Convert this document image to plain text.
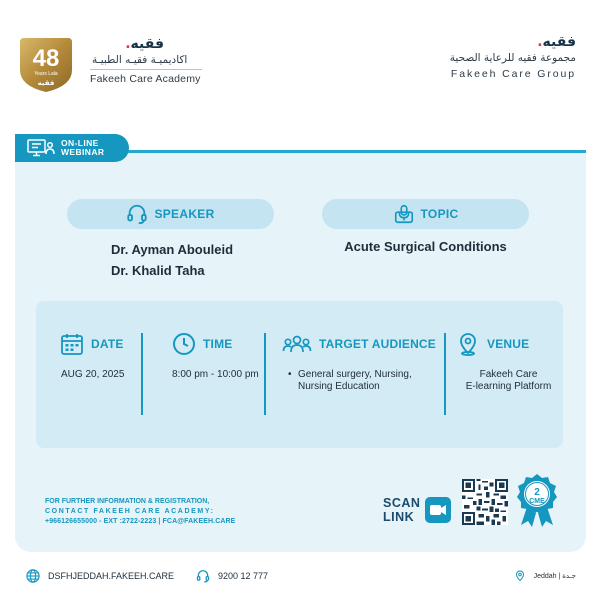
48
Years Lala
فقيه
.فقيه
اكاديميـة فقيـه الطبيـة
Fakeeh Care Academy
.فقيه
مجموعة فقيه للرعاية الصحية
Fakeeh Care Group
SPEAKER	TOPIC
Dr. Ayman Abouleid
Dr. Khalid Taha
Acute Surgical Conditions
DATE
AUG 20, 2025
TIME
8:00 pm - 10:00 pm
TARGET AUDIENCE
• General surgery, Nursing,
Nursing Education
VENUE
Fakeeh Care
E-learning Platform
FOR FURTHER INFORMATION & REGISTRATION,
CONTACT FAKEEH CARE ACADEMY:
+966126655000 - EXT :2722-2223 | FCA@FAKEEH.CARE
SCAN
LINK
2
CME
ON-LINE
WEBINAR
DSFHJEDDAH.FAKEEH.CARE	9200 12 777	Jeddah | جـدة
